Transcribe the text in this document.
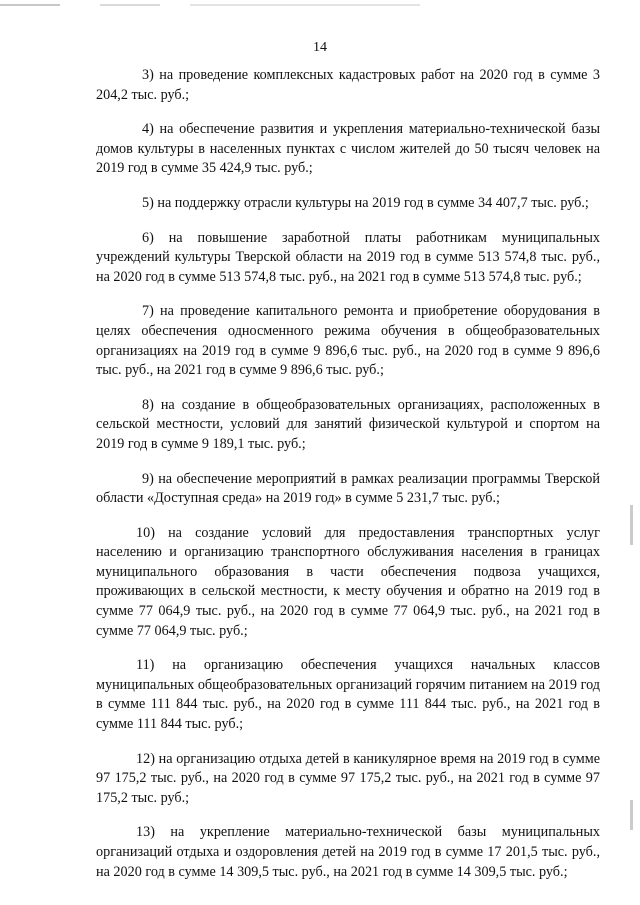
14

3) на проведение комплексных кадастровых работ на 2020 год в сумме 3 204,2 тыс. руб.;

4) на обеспечение развития и укрепления материально-технической базы домов культуры в населенных пунктах с числом жителей до 50 тысяч человек на 2019 год в сумме 35 424,9 тыс. руб.;

5) на поддержку отрасли культуры на 2019 год в сумме 34 407,7 тыс. руб.;

6) на повышение заработной платы работникам муниципальных учреждений культуры Тверской области на 2019 год в сумме 513 574,8 тыс. руб., на 2020 год в сумме 513 574,8 тыс. руб., на 2021 год в сумме 513 574,8 тыс. руб.;

7) на проведение капитального ремонта и приобретение оборудования в целях обеспечения односменного режима обучения в общеобразовательных организациях на 2019 год в сумме 9 896,6 тыс. руб., на 2020 год в сумме 9 896,6 тыс. руб., на 2021 год в сумме 9 896,6 тыс. руб.;

8) на создание в общеобразовательных организациях, расположенных в сельской местности, условий для занятий физической культурой и спортом на 2019 год в сумме 9 189,1 тыс. руб.;

9) на обеспечение мероприятий в рамках реализации программы Тверской области «Доступная среда» на 2019 год» в сумме 5 231,7 тыс. руб.;

10) на создание условий для предоставления транспортных услуг населению и организацию транспортного обслуживания населения в границах муниципального образования в части обеспечения подвоза учащихся, проживающих в сельской местности, к месту обучения и обратно на 2019 год в сумме 77 064,9 тыс. руб., на 2020 год в сумме 77 064,9 тыс. руб., на 2021 год в сумме 77 064,9 тыс. руб.;

11) на организацию обеспечения учащихся начальных классов муниципальных общеобразовательных организаций горячим питанием на 2019 год в сумме 111 844 тыс. руб., на 2020 год в сумме 111 844 тыс. руб., на 2021 год в сумме 111 844 тыс. руб.;

12) на организацию отдыха детей в каникулярное время на 2019 год в сумме 97 175,2 тыс. руб., на 2020 год в сумме 97 175,2 тыс. руб., на 2021 год в сумме 97 175,2 тыс. руб.;

13) на укрепление материально-технической базы муниципальных организаций отдыха и оздоровления детей на 2019 год в сумме 17 201,5 тыс. руб., на 2020 год в сумме 14 309,5 тыс. руб., на 2021 год в сумме 14 309,5 тыс. руб.;
